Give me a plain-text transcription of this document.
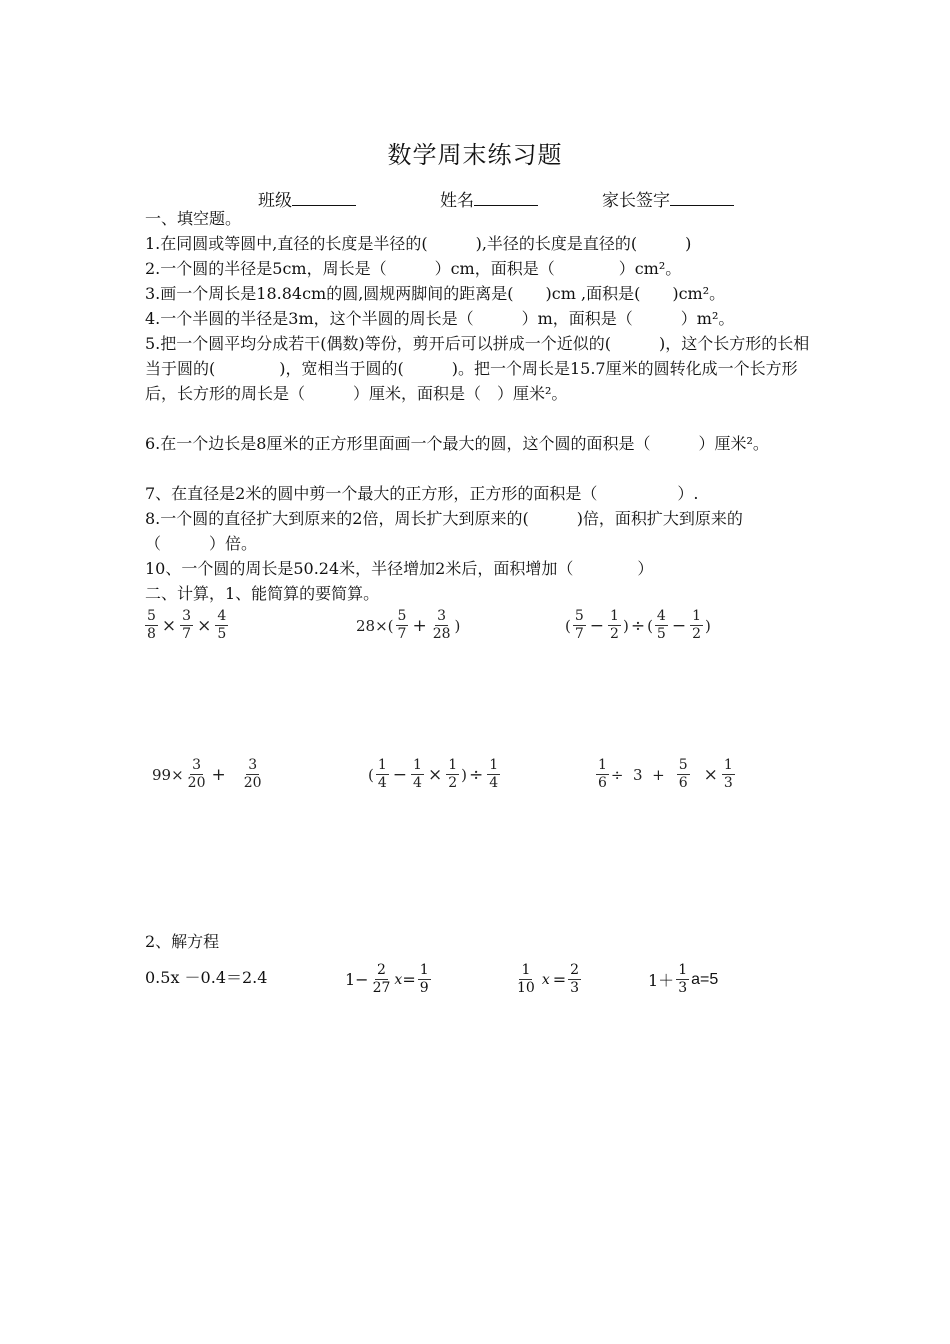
数学周末练习题
班级	姓名	家长签字
一、填空题。
1.在同圆或等圆中,直径的长度是半径的(　　　),半径的长度是直径的(　　　)
2.一个圆的半径是5cm，周长是（　　　）cm，面积是（　　　　）cm²。
3.画一个周长是18.84cm的圆,圆规两脚间的距离是(　　)cm ,面积是(　　)cm²。
4.一个半圆的半径是3m，这个半圆的周长是（　　　）m，面积是（　　　）m²。
5.把一个圆平均分成若干(偶数)等份，剪开后可以拼成一个近似的(　　　)，这个长方形的长相当于圆的(　　　　)，宽相当于圆的(　　　)。把一个周长是15.7厘米的圆转化成一个长方形后，长方形的周长是（　　　）厘米，面积是（　）厘米²。
6.在一个边长是8厘米的正方形里面画一个最大的圆，这个圆的面积是（　　　）厘米²。
7、在直径是2米的圆中剪一个最大的正方形，正方形的面积是（　　　　　）.
8.一个圆的直径扩大到原来的2倍，周长扩大到原来的(　　　)倍，面积扩大到原来的（　　　）倍。
10、一个圆的周长是50.24米，半径增加2米后，面积增加（　　　　）
二、计算，1、能简算的要简算。
$\frac{5}{8} \times \frac{3}{7} \times \frac{4}{5}$	$28\times( \frac{5}{7} + \frac{3}{28}$ )	( $\frac{5}{7} - \frac{1}{2}$ ) ÷ ( $\frac{4}{5} - \frac{1}{2}$ )
$99\times \frac{3}{20} + \frac{3}{20}$	( $\frac{1}{4} - \frac{1}{4} \times \frac{1}{2}$ ) ÷ $\frac{1}{4}$	$\frac{1}{6} \div 3 + \frac{5}{6} \times \frac{1}{3}$
2、解方程
0.5x －0.4＝2.4	$1- \frac{2}{27}$ $x = \frac{1}{9}$	$\frac{1}{10}$ $x = \frac{2}{3}$	$1+ \frac{1}{3} a=5$
